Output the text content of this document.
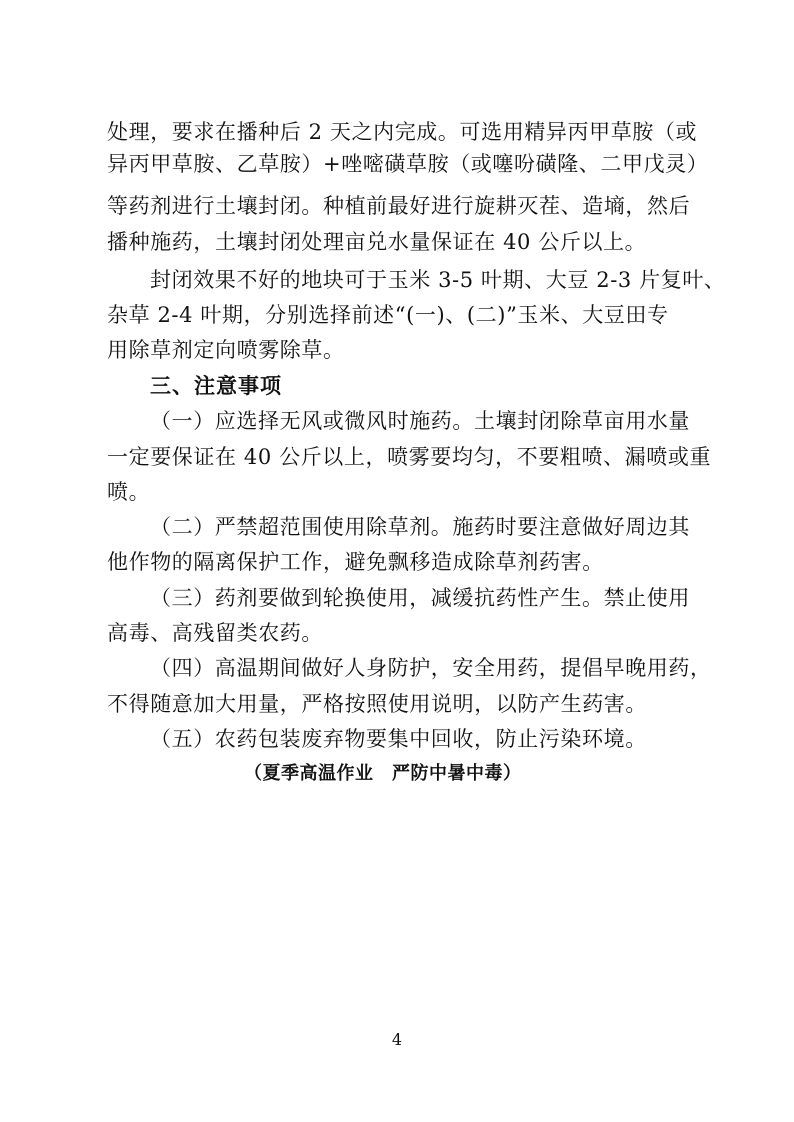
处理，要求在播种后 2 天之内完成。可选用精异丙甲草胺（或
异丙甲草胺、乙草胺）+唑嘧磺草胺（或噻吩磺隆、二甲戊灵）
等药剂进行土壤封闭。种植前最好进行旋耕灭茬、造墒，然后
播种施药，土壤封闭处理亩兑水量保证在 40 公斤以上。
封闭效果不好的地块可于玉米 3-5 叶期、大豆 2-3 片复叶、
杂草 2-4 叶期，分别选择前述“(一)、(二)”玉米、大豆田专
用除草剂定向喷雾除草。
三、注意事项
（一）应选择无风或微风时施药。土壤封闭除草亩用水量
一定要保证在 40 公斤以上，喷雾要均匀，不要粗喷、漏喷或重
喷。
（二）严禁超范围使用除草剂。施药时要注意做好周边其
他作物的隔离保护工作，避免飘移造成除草剂药害。
（三）药剂要做到轮换使用，减缓抗药性产生。禁止使用
高毒、高残留类农药。
（四）高温期间做好人身防护，安全用药，提倡早晚用药，
不得随意加大用量，严格按照使用说明，以防产生药害。
（五）农药包装废弃物要集中回收，防止污染环境。
（夏季高温作业　严防中暑中毒）
4
